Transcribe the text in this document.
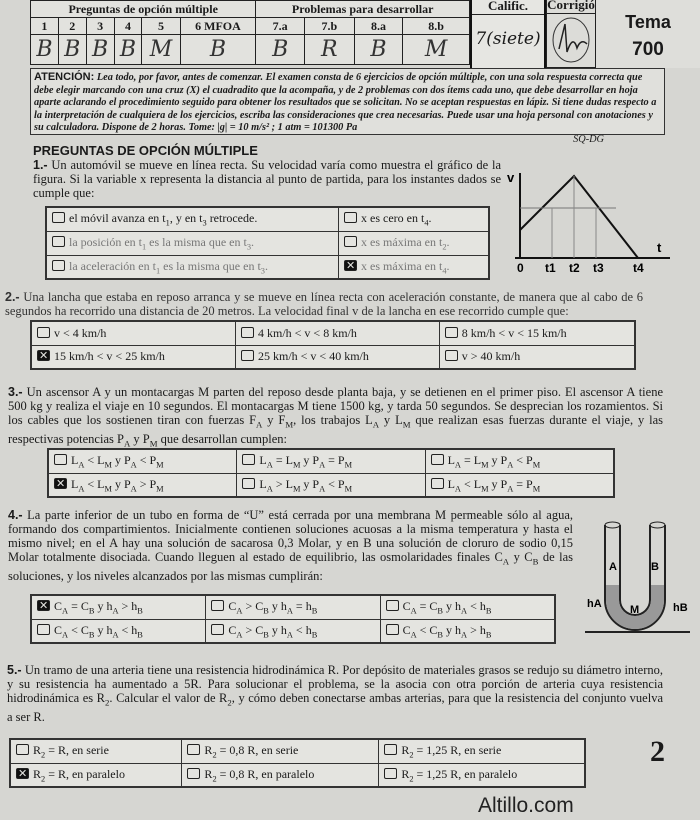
Preguntas de opción múltiple						Problemas para desarrollar			
1	2	3	4	5	6 MFOA	7.a	7.b	8.a	8.b
B	B	B	B	M	B	B	R	B	M
Calific.
7(siete)
Corrigió
Tema
700
ATENCIÓN: Lea todo, por favor, antes de comenzar. El examen consta de 6 ejercicios de opción múltiple, con una sola respuesta correcta que debe elegir marcando con una cruz (X) el cuadradito que la acompaña, y de 2 problemas con dos ítems cada uno, que debe desarrollar en hoja aparte aclarando el procedimiento seguido para obtener los resultados que se solicitan. No se aceptan respuestas en lápiz. Si tiene dudas respecto a la interpretación de cualquiera de los ejercicios, escriba las consideraciones que crea necesarias. Puede usar una hoja personal con anotaciones y su calculadora. Dispone de 2 horas. Tome: |g| = 10 m/s² ; 1 atm = 101300 Pa
SQ-DG
PREGUNTAS DE OPCIÓN MÚLTIPLE
1.- Un automóvil se mueve en línea recta. Su velocidad varía como muestra el gráfico de la figura. Si la variable x representa la distancia al punto de partida, para los instantes dados se cumple que:
el móvil avanza en $t_1$, y en $t_3$ retrocede.	x es cero en $t_4$.
la posición en $t_1$ es la misma que en $t_3$.	x es máxima en $t_2$.
la aceleración en $t_1$ es la misma que en $t_3$.	✕x es máxima en $t_4$.
v
t
0 t1 t2 t3 t4
2.- Una lancha que estaba en reposo arranca y se mueve en línea recta con aceleración constante, de manera que al cabo de 6 segundos ha recorrido una distancia de 20 metros. La velocidad final v de la lancha en ese recorrido cumple que:
v < 4 km/h	4 km/h < v < 8 km/h	8 km/h < v < 15 km/h
✕15 km/h < v < 25 km/h	25 km/h < v < 40 km/h	v > 40 km/h
3.- Un ascensor A y un montacargas M parten del reposo desde planta baja, y se detienen en el primer piso. El ascensor A tiene 500 kg y realiza el viaje en 10 segundos. El montacargas M tiene 1500 kg, y tarda 50 segundos. Se desprecian los rozamientos. Si los cables que los sostienen tiran con fuerzas $F_A$ y $F_M$, los trabajos $L_A$ y $L_M$ que realizan esas fuerzas durante el viaje, y las respectivas potencias $P_A$ y $P_M$ que desarrollan cumplen:
$L_A < L_M$ y $P_A < P_M$	$L_A = L_M$ y $P_A = P_M$	$L_A = L_M$ y $P_A < P_M$
$✕L_A < L_M$ y $P_A > P_M$	$L_A > L_M$ y $P_A < P_M$	$L_A < L_M$ y $P_A = P_M$
4.- La parte inferior de un tubo en forma de “U” está cerrada por una membrana M permeable sólo al agua, formando dos compartimientos. Inicialmente contienen soluciones acuosas a la misma temperatura y hasta el mismo nivel; en el A hay una solución de sacarosa 0,3 Molar, y en B una solución de cloruro de sodio 0,15 Molar totalmente disociada. Cuando lleguen al estado de equilibrio, las osmolaridades finales $C_A$ y $C_B$ de las soluciones, y los niveles alcanzados por las mismas cumplirán:
$✕C_A = C_B$ y $h_A > h_B$	$C_A > C_B$ y $h_A = h_B$	$C_A = C_B$ y $h_A < h_B$
$C_A < C_B$ y $h_A < h_B$	$C_A > C_B$ y $h_A < h_B$	$C_A < C_B$ y $h_A > h_B$
A	B
M
hA	hB
5.- Un tramo de una arteria tiene una resistencia hidrodinámica R. Por depósito de materiales grasos se redujo su diámetro interno, y su resistencia ha aumentado a 5R. Para solucionar el problema, se la asocia con otra porción de arteria cuya resistencia hidrodinámica es $R_2$. Calcular el valor de $R_2$, y cómo deben conectarse ambas arterias, para que la resistencia del conjunto vuelva a ser R.
$R_2 = R$, en serie	$R_2 = 0,8$ R, en serie	$R_2 = 1,25$ R, en serie
$✕R_2 = R$, en paralelo	$R_2 = 0,8$ R, en paralelo	$R_2 = 1,25$ R, en paralelo
2
Altillo.com
